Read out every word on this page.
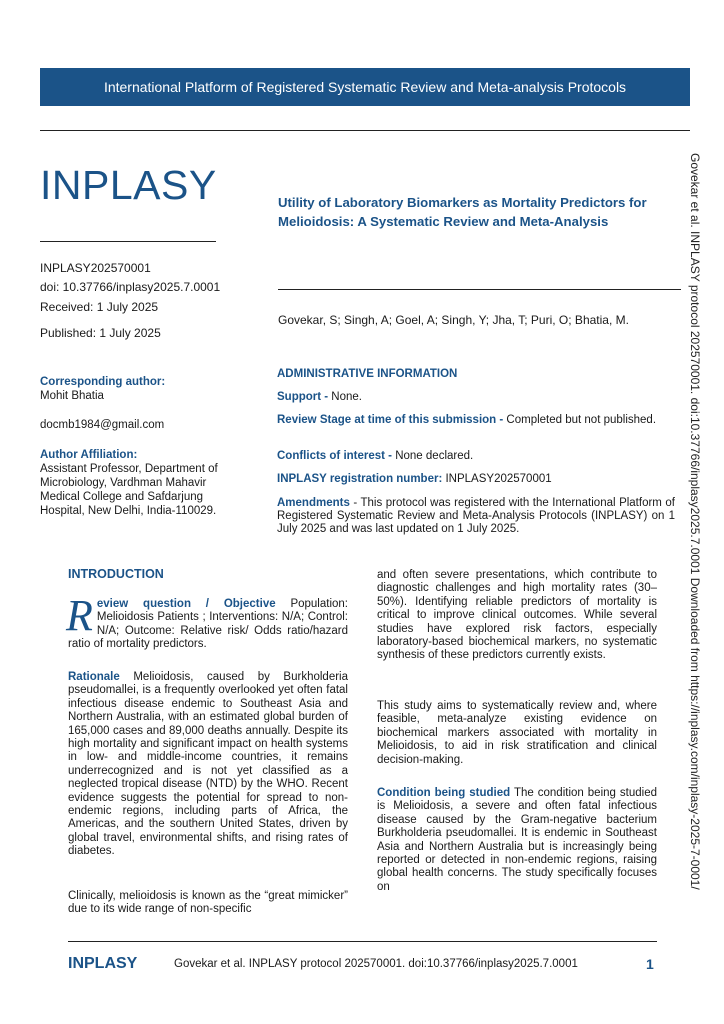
International Platform of Registered Systematic Review and Meta-analysis Protocols
INPLASY	Utility of Laboratory Biomarkers as Mortality Predictors for Melioidosis: A Systematic Review and Meta-Analysis
Govekar, S; Singh, A; Goel, A; Singh, Y; Jha, T; Puri, O; Bhatia, M.
INPLASY202570001
doi: 10.37766/inplasy2025.7.0001
Received: 1 July 2025
Published: 1 July 2025
Corresponding author:
Mohit Bhatia
docmb1984@gmail.com
Author Affiliation:
Assistant Professor, Department of
Microbiology, Vardhman Mahavir
Medical College and Safdarjung
Hospital, New Delhi, India-110029.
ADMINISTRATIVE INFORMATION
Support - None.
Review Stage at time of this submission - Completed but not published.
Conflicts of interest - None declared.
INPLASY registration number: INPLASY202570001
Amendments - This protocol was registered with the International Platform of Registered Systematic Review and Meta-Analysis Protocols (INPLASY) on 1 July 2025 and was last updated on 1 July 2025.
INTRODUCTION

Review question / Objective Population: Melioidosis Patients ; Interventions: N/A; Control: N/A; Outcome: Relative risk/ Odds ratio/hazard ratio of mortality predictors.

Rationale Melioidosis, caused by Burkholderia pseudomallei, is a frequently overlooked yet often fatal infectious disease endemic to Southeast Asia and Northern Australia, with an estimated global burden of 165,000 cases and 89,000 deaths annually. Despite its high mortality and significant impact on health systems in low- and middle-income countries, it remains underrecognized and is not yet classified as a neglected tropical disease (NTD) by the WHO. Recent evidence suggests the potential for spread to non-endemic regions, including parts of Africa, the Americas, and the southern United States, driven by global travel, environmental shifts, and rising rates of diabetes.

Clinically, melioidosis is known as the “great mimicker” due to its wide range of non-specific

and often severe presentations, which contribute to diagnostic challenges and high mortality rates (30–50%). Identifying reliable predictors of mortality is critical to improve clinical outcomes. While several studies have explored risk factors, especially laboratory-based biochemical markers, no systematic synthesis of these predictors currently exists.

This study aims to systematically review and, where feasible, meta-analyze existing evidence on biochemical markers associated with mortality in Melioidosis, to aid in risk stratification and clinical decision-making.

Condition being studied The condition being studied is Melioidosis, a severe and often fatal infectious disease caused by the Gram-negative bacterium Burkholderia pseudomallei. It is endemic in Southeast Asia and Northern Australia but is increasingly being reported or detected in non-endemic regions, raising global health concerns. The study specifically focuses on

INPLASY	Govekar et al. INPLASY protocol 202570001. doi:10.37766/inplasy2025.7.0001	1
Govekar et al. INPLASY protocol 202570001. doi:10.37766/inplasy2025.7.0001 Downloaded from https://inplasy.com/inplasy-2025-7-0001/
